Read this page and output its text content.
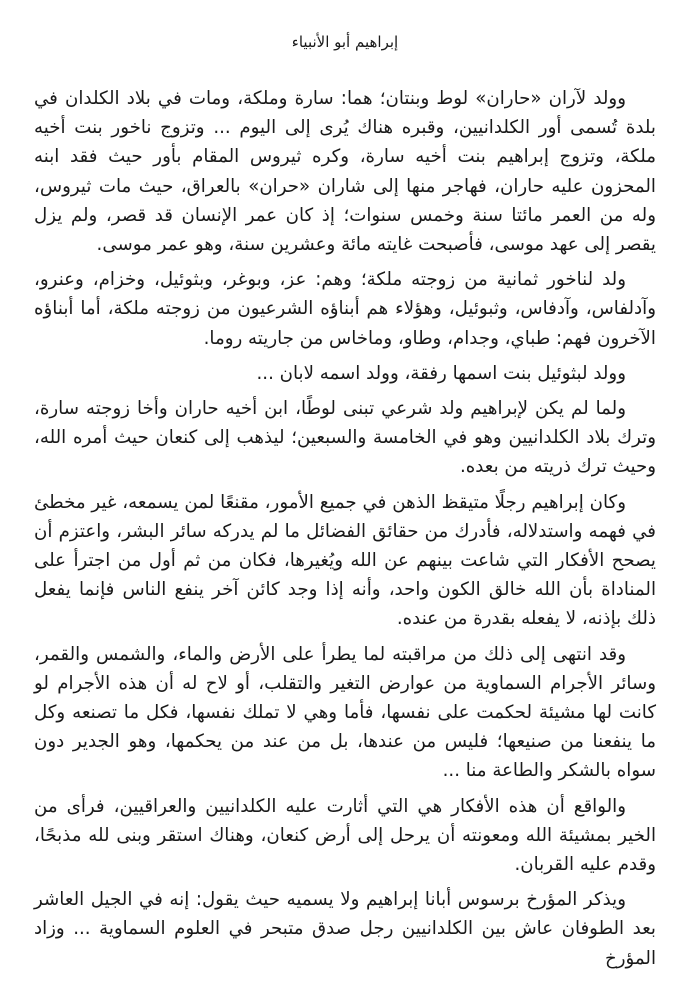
إبراهيم أبو الأنبياء

وولد لآران «حاران» لوط وبنتان؛ هما: سارة وملكة، ومات في بلاد الكلدان في بلدة تُسمى أور الكلدانيين، وقبره هناك يُرى إلى اليوم ... وتزوج ناخور بنت أخيه ملكة، وتزوج إبراهيم بنت أخيه سارة، وكره ثيروس المقام بأور حيث فقد ابنه المحزون عليه حاران، فهاجر منها إلى شاران «حران» بالعراق، حيث مات ثيروس، وله من العمر مائتا سنة وخمس سنوات؛ إذ كان عمر الإنسان قد قصر، ولم يزل يقصر إلى عهد موسى، فأصبحت غايته مائة وعشرين سنة، وهو عمر موسى.

ولد لناخور ثمانية من زوجته ملكة؛ وهم: عز، وبوغر، وبثوئيل، وخزام، وعنرو، وآدلفاس، وآدفاس، وثبوئيل، وهؤلاء هم أبناؤه الشرعيون من زوجته ملكة، أما أبناؤه الآخرون فهم: طباي، وجدام، وطاو، وماخاس من جاريته روما.

وولد لبثوئيل بنت اسمها رفقة، وولد اسمه لابان ...

ولما لم يكن لإبراهيم ولد شرعي تبنى لوطًا، ابن أخيه حاران وأخا زوجته سارة، وترك بلاد الكلدانيين وهو في الخامسة والسبعين؛ ليذهب إلى كنعان حيث أمره الله، وحيث ترك ذريته من بعده.

وكان إبراهيم رجلًا متيقظ الذهن في جميع الأمور، مقنعًا لمن يسمعه، غير مخطئ في فهمه واستدلاله، فأدرك من حقائق الفضائل ما لم يدركه سائر البشر، واعتزم أن يصحح الأفكار التي شاعت بينهم عن الله ويُغيرها، فكان من ثم أول من اجترأ على المناداة بأن الله خالق الكون واحد، وأنه إذا وجد كائن آخر ينفع الناس فإنما يفعل ذلك بإذنه، لا يفعله بقدرة من عنده.

وقد انتهى إلى ذلك من مراقبته لما يطرأ على الأرض والماء، والشمس والقمر، وسائر الأجرام السماوية من عوارض التغير والتقلب، أو لاح له أن هذه الأجرام لو كانت لها مشيئة لحكمت على نفسها، فأما وهي لا تملك نفسها، فكل ما تصنعه وكل ما ينفعنا من صنيعها؛ فليس من عندها، بل من عند من يحكمها، وهو الجدير دون سواه بالشكر والطاعة منا ...

والواقع أن هذه الأفكار هي التي أثارت عليه الكلدانيين والعراقيين، فرأى من الخير بمشيئة الله ومعونته أن يرحل إلى أرض كنعان، وهناك استقر وبنى لله مذبحًا، وقدم عليه القربان.

ويذكر المؤرخ برسوس أبانا إبراهيم ولا يسميه حيث يقول: إنه في الجيل العاشر بعد الطوفان عاش بين الكلدانيين رجل صدق متبحر في العلوم السماوية ... وزاد المؤرخ
